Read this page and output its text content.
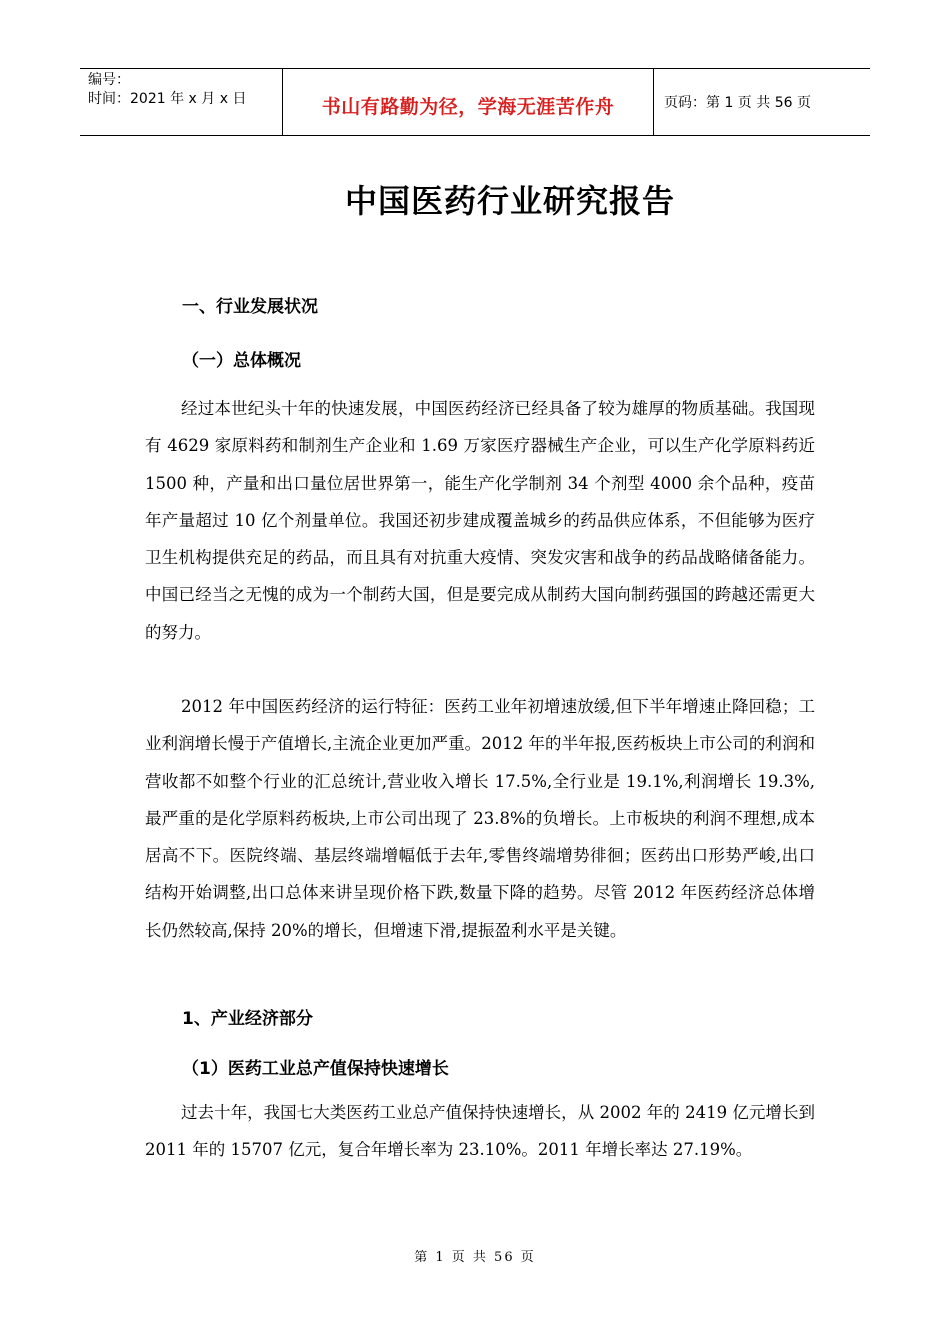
编号：
时间：2021 年 x 月 x 日	书山有路勤为径，学海无涯苦作舟	页码：第 1 页 共 56 页
中国医药行业研究报告
一、行业发展状况
（一）总体概况

经过本世纪头十年的快速发展，中国医药经济已经具备了较为雄厚的物质基础。我国现有 4629 家原料药和制剂生产企业和 1.69 万家医疗器械生产企业，可以生产化学原料药近 1500 种，产量和出口量位居世界第一，能生产化学制剂 34 个剂型 4000 余个品种，疫苗年产量超过 10 亿个剂量单位。我国还初步建成覆盖城乡的药品供应体系，不但能够为医疗卫生机构提供充足的药品，而且具有对抗重大疫情、突发灾害和战争的药品战略储备能力。中国已经当之无愧的成为一个制药大国，但是要完成从制药大国向制药强国的跨越还需更大的努力。

2012 年中国医药经济的运行特征：医药工业年初增速放缓,但下半年增速止降回稳；工业利润增长慢于产值增长,主流企业更加严重。2012 年的半年报,医药板块上市公司的利润和营收都不如整个行业的汇总统计,营业收入增长 17.5%,全行业是 19.1%,利润增长 19.3%,最严重的是化学原料药板块,上市公司出现了 23.8%的负增长。上市板块的利润不理想,成本居高不下。医院终端、基层终端增幅低于去年,零售终端增势徘徊；医药出口形势严峻,出口结构开始调整,出口总体来讲呈现价格下跌,数量下降的趋势。尽管 2012 年医药经济总体增长仍然较高,保持 20%的增长，但增速下滑,提振盈利水平是关键。

1、产业经济部分
（1）医药工业总产值保持快速增长

过去十年，我国七大类医药工业总产值保持快速增长，从 2002 年的 2419 亿元增长到 2011 年的 15707 亿元，复合年增长率为 23.10%。2011 年增长率达 27.19%。

第 1 页 共 56 页
